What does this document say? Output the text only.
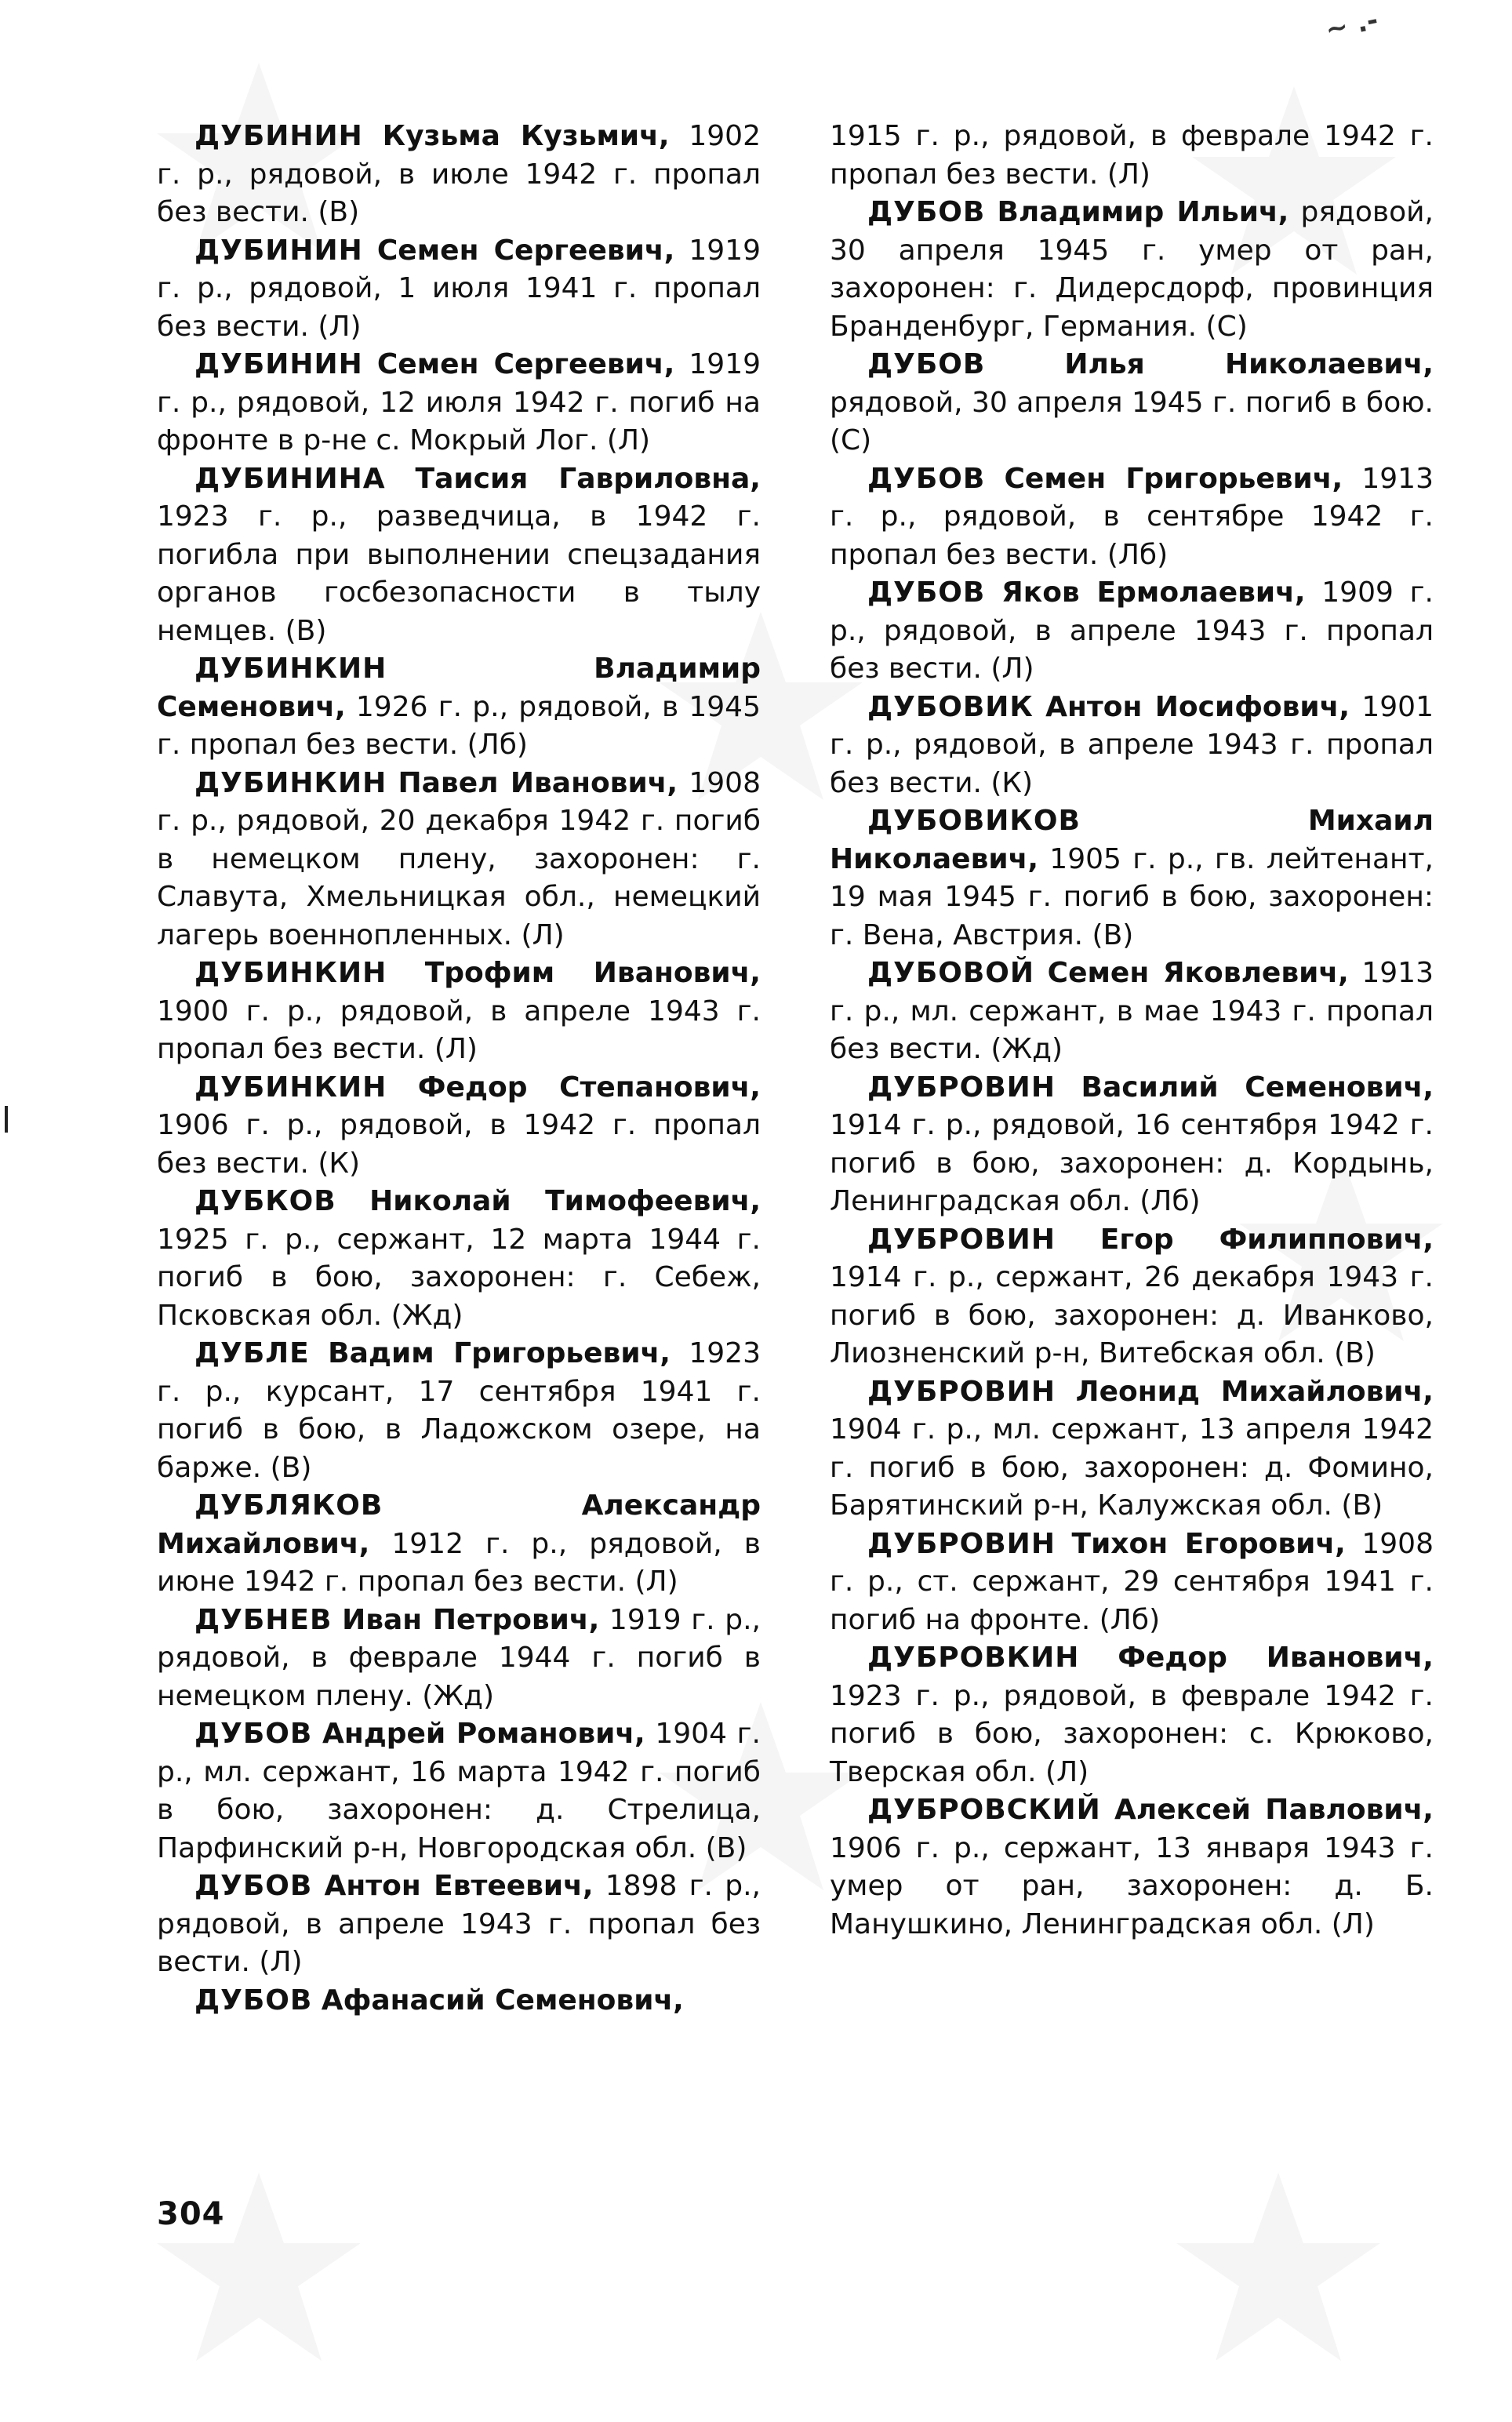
~ .-

ДУБИНИН Кузьма Кузьмич, 1902 г. р., рядовой, в июле 1942 г. пропал без вести. (В)

ДУБИНИН Семен Сергеевич, 1919 г. р., рядовой, 1 июля 1941 г. пропал без вести. (Л)

ДУБИНИН Семен Сергеевич, 1919 г. р., рядовой, 12 июля 1942 г. погиб на фронте в р-не с. Мокрый Лог. (Л)

ДУБИНИНА Таисия Гавриловна, 1923 г. р., разведчица, в 1942 г. погибла при выполнении спецзадания органов госбезопасности в тылу немцев. (В)

ДУБИНКИН	Владимир Семенович, 1926 г. р., рядовой, в 1945 г. пропал без вести. (Лб)

ДУБИНКИН Павел Иванович, 1908 г. р., рядовой, 20 декабря 1942 г. погиб в немецком плену, захоронен: г. Славута, Хмельницкая обл., немецкий лагерь военнопленных. (Л)

ДУБИНКИН Трофим Иванович, 1900 г. р., рядовой, в апреле 1943 г. пропал без вести. (Л)

ДУБИНКИН Федор Степанович, 1906 г. р., рядовой, в 1942 г. пропал без вести. (К)

ДУБКОВ Николай Тимофеевич, 1925 г. р., сержант, 12 марта 1944 г. погиб в бою, захоронен: г. Себеж, Псковская обл. (Жд)

ДУБЛЕ Вадим Григорьевич, 1923 г. р., курсант, 17 сентября 1941 г. погиб в бою, в Ладожском озере, на барже. (В)

ДУБЛЯКОВ	Александр Михайлович, 1912 г. р., рядовой, в июне 1942 г. пропал без вести. (Л)

ДУБНЕВ Иван Петрович, 1919 г. р., рядовой, в феврале 1944 г. погиб в немецком плену. (Жд)

ДУБОВ Андрей Романович, 1904 г. р., мл. сержант, 16 марта 1942 г. погиб в бою, захоронен: д. Стрелица, Парфинский р-н, Новгородская обл. (В)

ДУБОВ Антон Евтеевич, 1898 г. р., рядовой, в апреле 1943 г. пропал без вести. (Л)

ДУБОВ Афанасий Семенович,

1915 г. р., рядовой, в феврале 1942 г. пропал без вести. (Л)

ДУБОВ Владимир Ильич, рядовой, 30 апреля 1945 г. умер от ран, захоронен: г. Дидерсдорф, провинция Бранденбург, Германия. (С)

ДУБОВ	Илья Николаевич, рядовой, 30 апреля 1945 г. погиб в бою. (С)

ДУБОВ Семен Григорьевич, 1913 г. р., рядовой, в сентябре 1942 г. пропал без вести. (Лб)

ДУБОВ Яков Ермолаевич, 1909 г. р., рядовой, в апреле 1943 г. пропал без вести. (Л)

ДУБОВИК Антон Иосифович, 1901 г. р., рядовой, в апреле 1943 г. пропал без вести. (К)

ДУБОВИКОВ	Михаил Николаевич, 1905 г. р., гв. лейтенант, 19 мая 1945 г. погиб в бою, захоронен: г. Вена, Австрия. (В)

ДУБОВОЙ Семен Яковлевич, 1913 г. р., мл. сержант, в мае 1943 г. пропал без вести. (Жд)

ДУБРОВИН Василий Семенович, 1914 г. р., рядовой, 16 сентября 1942 г. погиб в бою, захоронен: д. Кордынь, Ленинградская обл. (Лб)

ДУБРОВИН Егор Филиппович, 1914 г. р., сержант, 26 декабря 1943 г. погиб в бою, захоронен: д. Иванково, Лиозненский р-н, Витебская обл. (В)

ДУБРОВИН Леонид Михайлович, 1904 г. р., мл. сержант, 13 апреля 1942 г. погиб в бою, захоронен: д. Фомино, Барятинский р-н, Калужская обл. (В)

ДУБРОВИН Тихон Егорович, 1908 г. р., ст. сержант, 29 сентября 1941 г. погиб на фронте. (Лб)

ДУБРОВКИН Федор Иванович, 1923 г. р., рядовой, в феврале 1942 г. погиб в бою, захоронен: с. Крюково, Тверская обл. (Л)

ДУБРОВСКИЙ Алексей Павлович, 1906 г. р., сержант, 13 января 1943 г. умер от ран, захоронен: д. Б. Манушкино, Ленинградская обл. (Л)

304
